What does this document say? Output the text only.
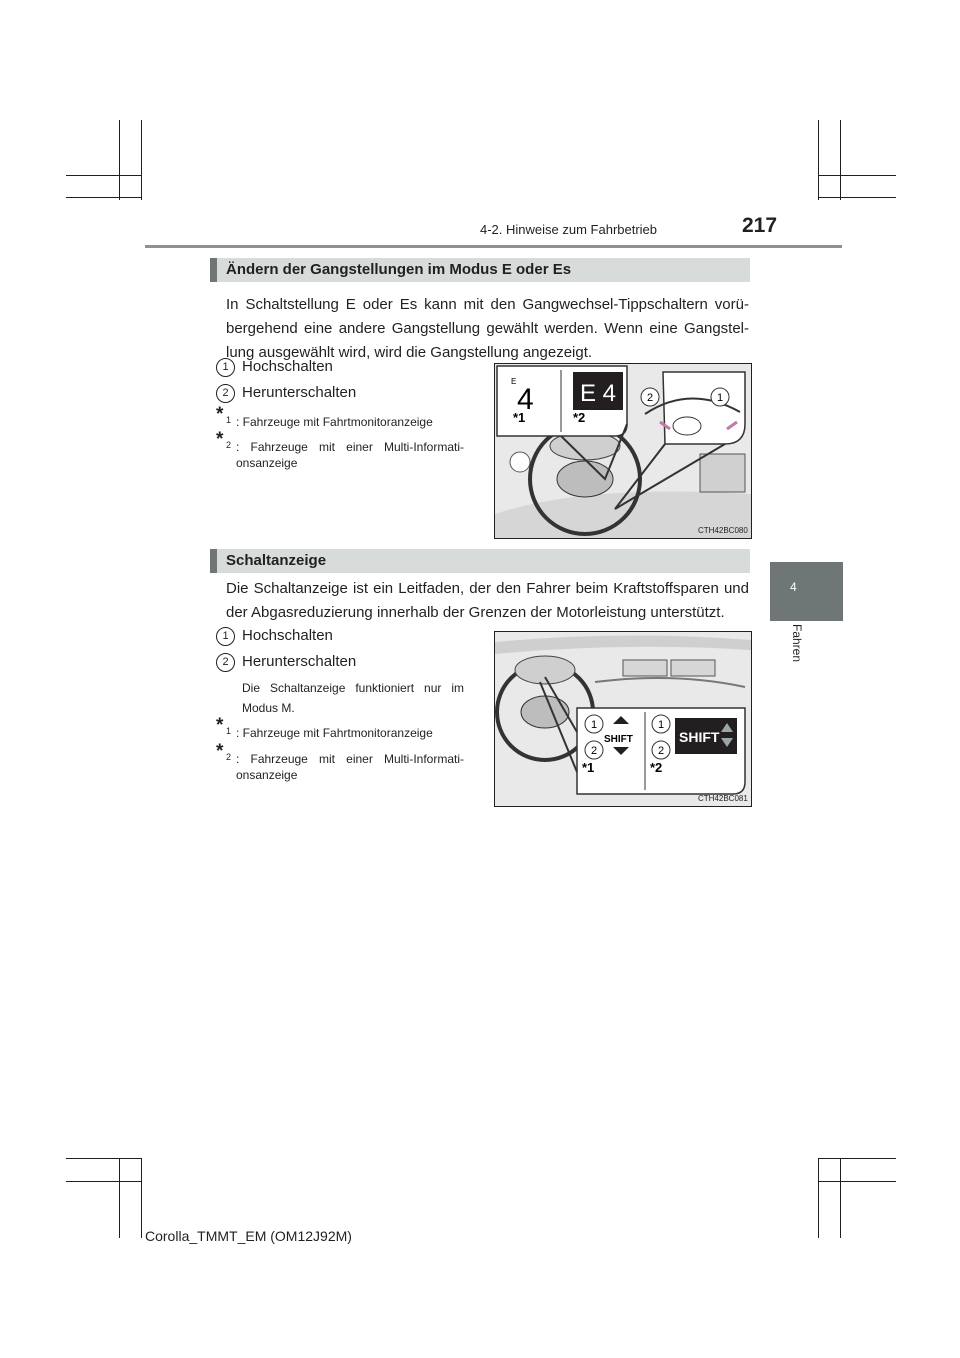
4-2. Hinweise zum Fahrbetrieb	217
4
Fahren
Ändern der Gangstellungen im Modus E oder Es
In Schaltstellung E oder Es kann mit den Gangwechsel-Tippschaltern vorü- bergehend eine andere Gangstellung gewählt werden. Wenn eine Gangstel- lung ausgewählt wird, wird die Gangstellung angezeigt.
1 Hochschalten
2 Herunterschalten
* 1 : Fahrzeuge mit Fahrtmonitoranzeige
* 2 : Fahrzeuge mit einer Multi-Informati- onsanzeige
2	1
E
4 E 4
*1	*2
CTH42BC080
Schaltanzeige
Die Schaltanzeige ist ein Leitfaden, der den Fahrer beim Kraftstoffsparen und der Abgasreduzierung innerhalb der Grenzen der Motorleistung unterstützt.
1 Hochschalten
2 Herunterschalten
Die Schaltanzeige funktioniert nur im Modus M.
* 1 : Fahrzeuge mit Fahrtmonitoranzeige
* 2 : Fahrzeuge mit einer Multi-Informati- onsanzeige
1
2
SHIFT
*1
1
2
SHIFT
*2
CTH42BC081
Corolla_TMMT_EM (OM12J92M)
